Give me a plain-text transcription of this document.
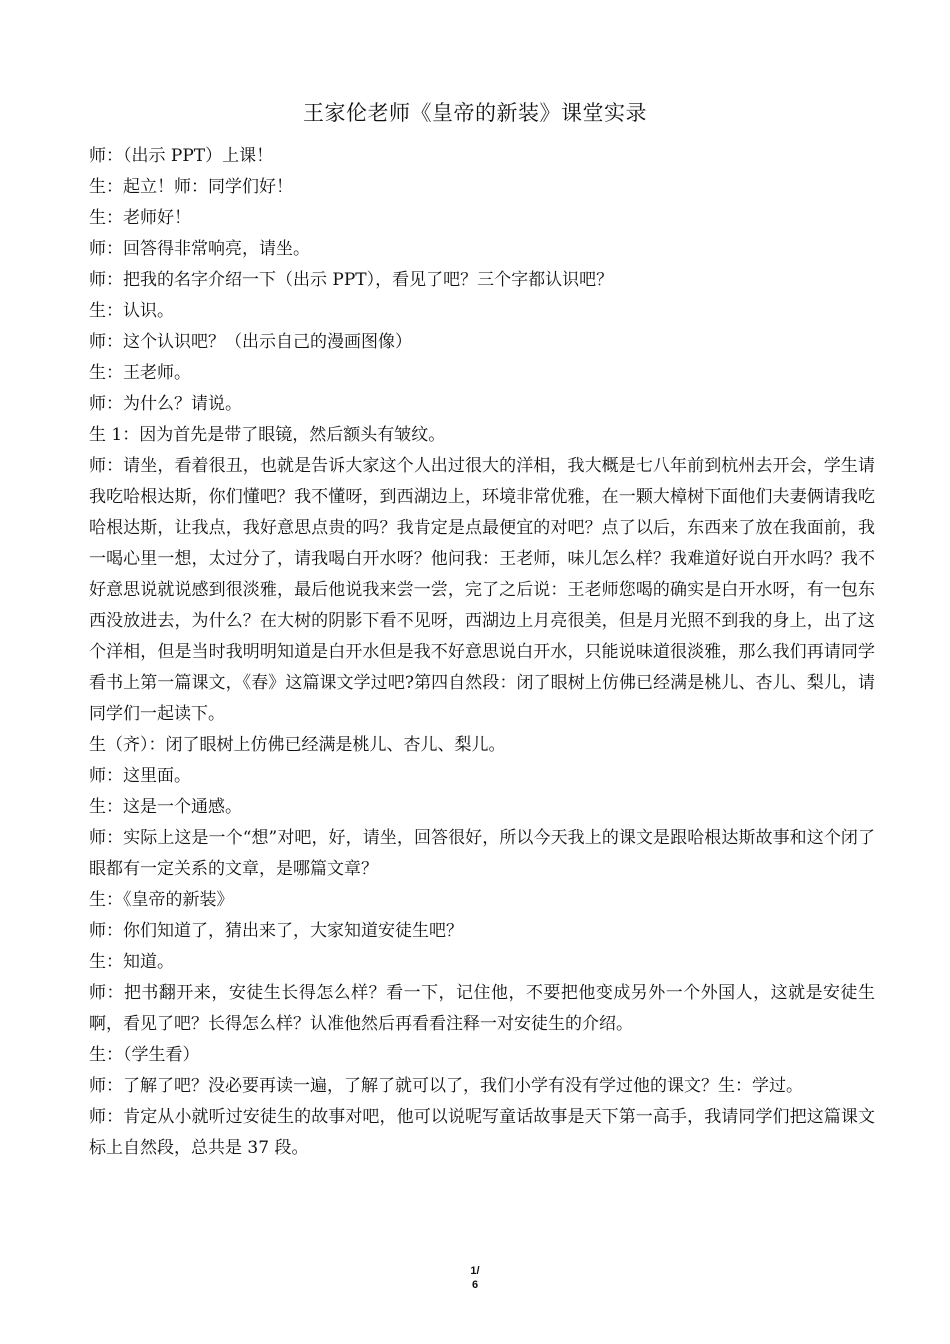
王家伦老师《皇帝的新装》课堂实录

师：（出示 PPT）上课！

生：起立！师：同学们好！

生：老师好！

师：回答得非常响亮，请坐。

师：把我的名字介绍一下（出示 PPT），看见了吧？三个字都认识吧？

生：认识。

师：这个认识吧？（出示自己的漫画图像）

生：王老师。

师：为什么？请说。

生 1：因为首先是带了眼镜，然后额头有皱纹。

师：请坐，看着很丑，也就是告诉大家这个人出过很大的洋相，我大概是七八年前到杭州去开会，学生请我吃哈根达斯，你们懂吧？我不懂呀，到西湖边上，环境非常优雅，在一颗大樟树下面他们夫妻俩请我吃哈根达斯，让我点，我好意思点贵的吗？我肯定是点最便宜的对吧？点了以后，东西来了放在我面前，我一喝心里一想，太过分了，请我喝白开水呀？他问我：王老师，味儿怎么样？我难道好说白开水吗？我不好意思说就说感到很淡雅，最后他说我来尝一尝，完了之后说：王老师您喝的确实是白开水呀，有一包东西没放进去，为什么？在大树的阴影下看不见呀，西湖边上月亮很美，但是月光照不到我的身上，出了这个洋相，但是当时我明明知道是白开水但是我不好意思说白开水，只能说味道很淡雅，那么我们再请同学看书上第一篇课文，《春》这篇课文学过吧?第四自然段：闭了眼树上仿佛已经满是桃儿、杏儿、梨儿，请同学们一起读下。

生（齐）：闭了眼树上仿佛已经满是桃儿、杏儿、梨儿。

师：这里面。

生：这是一个通感。

师：实际上这是一个“想”对吧，好，请坐，回答很好，所以今天我上的课文是跟哈根达斯故事和这个闭了眼都有一定关系的文章，是哪篇文章？

生：《皇帝的新装》

师：你们知道了，猜出来了，大家知道安徒生吧？

生：知道。

师：把书翻开来，安徒生长得怎么样？看一下，记住他，不要把他变成另外一个外国人，这就是安徒生啊，看见了吧？长得怎么样？认准他然后再看看注释一对安徒生的介绍。

生：（学生看）

师：了解了吧？没必要再读一遍，了解了就可以了，我们小学有没有学过他的课文？生：学过。

师：肯定从小就听过安徒生的故事对吧，他可以说呢写童话故事是天下第一高手，我请同学们把这篇课文标上自然段，总共是 37 段。

1/
6
